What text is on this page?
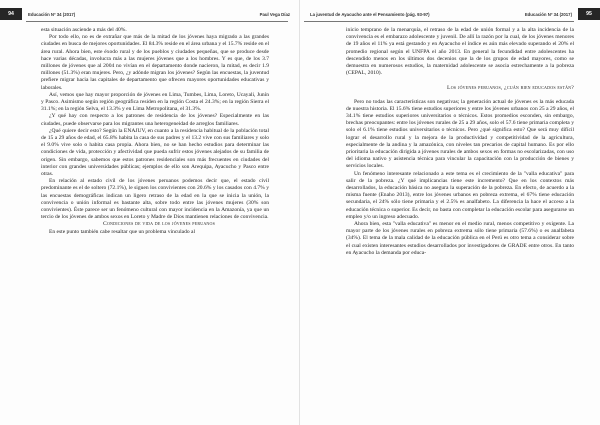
94	Educación Nº 34 (2017)	Paul Vega Díaz

esta situación asciende a más del 40%.

Por todo ello, no es de extrañar que más de la mitad de los jóvenes haya migrado a las grandes ciudades en busca de mejores oportunidades. El 84.3% reside en el área urbana y el 15.7% reside en el área rural. Ahora bien, este éxodo rural y de los pueblos y ciudades pequeñas, que se produce desde hace varias décadas, involucra más a las mujeres jóvenes que a los hombres. Y es que, de los 3.7 millones de jóvenes que al 2004 no vivían en el departamento donde nacieron, la mitad, es decir 1.9 millones (51.3%) eran mujeres. Pero, ¿y adónde migran los jóvenes? Según las encuestas, la juventud prefiere migrar hacia las capitales de departamento que ofrecen mayores oportunidades educativas y laborales.

Así, vemos que hay mayor proporción de jóvenes en Lima, Tumbes, Lima, Loreto, Ucayali, Junín y Pasco. Asimismo según región geográfica residen en la región Costa el 24.3%; en la región Sierra el 31.1%; en la región Selva, el 13.3% y en Lima Metropolitana, el 31.3%.

¿Y qué hay con respecto a los patrones de residencia de los jóvenes? Especialmente en las ciudades, puede observarse para los migrantes una heterogeneidad de arreglos familiares.

¿Qué quiere decir esto? Según la ENAJUV, en cuanto a la residencia habitual de la población total de 15 a 29 años de edad, el 65.8% habita la casa de sus padres y el 13.2 vive con sus familiares y solo el 9.0% vive solo o habita casa propia. Ahora bien, no se han hecho estudios para determinar las condiciones de vida, protección y afectividad que pueda sufrir estos jóvenes alejados de su familia de origen. Sin embargo, sabemos que estos patrones residenciales son más frecuentes en ciudades del interior con grandes universidades públicas; ejemplos de ello son Arequipa, Ayacucho y Pasco entre otras.

En relación al estado civil de los jóvenes peruanos podemos decir que, el estado civil predominante es el de soltero (72.1%), le siguen los convivientes con 20.6% y los casados con 4.7% y las encuestas demográficas indican un ligero retraso de la edad en la que se inicia la unión, la convivencia o unión informal es bastante alta, sobre todo entre las jóvenes mujeres (30% son convivientes). Éste parece ser un fenómeno cultural con mayor incidencia en la Amazonía, ya que un tercio de los jóvenes de ambos sexos en Loreto y Madre de Dios mantienen relaciones de convivencia.

Condiciones de vida de los jóvenes peruanos

En este punto también cabe resaltar que un problema vinculado al

La juventud de Ayacucho ante el Pensamiento (pág. 93-97)	Educación Nº 34 (2017)	95

inicio temprano de la menarquía, el retraso de la edad de unión formal y a la alta incidencia de la convivencia es el embarazo adolescente y juvenil. De allí la razón por la cual, de los jóvenes menores de 19 años el 11% ya está gestando y en Ayacucho el índice es aún más elevado superando el 20% el promedio regional según el UNFPA el año 2013. En general la fecundidad entre adolescentes ha descendido menos en los últimos dos decenios que la de los grupos de edad mayores, como se demuestra en numerosos estudios, la maternidad adolescente se asocia estrechamente a la pobreza (CEPAL, 2010).

Los jóvenes peruanos, ¿cuán bien educados están?

Pero no todas las características son negativas; la generación actual de jóvenes es la más educada de nuestra historia. El 15.6% tiene estudios superiores y entre los jóvenes urbanos con 25 a 29 años, el 34.1% tiene estudios superiores universitarios o técnicos. Estos promedios esconden, sin embargo, brechas preocupantes: entre los jóvenes rurales de 25 a 29 años, solo el 57.6 tiene primaria completa y solo el 6.1% tiene estudios universitarios o técnicos. Pero ¿qué significa esto? Que será muy difícil lograr el desarrollo rural y la mejora de la productividad y competitividad de la agricultura, especialmente de la andina y la amazónica, con niveles tan precarios de capital humano. Es por ello prioritaria la educación dirigida a jóvenes rurales de ambos sexos en formas no escolarizadas, con uso del idioma nativo y asistencia técnica para vincular la capacitación con la producción de bienes y servicios locales.

Un fenómeno interesante relacionado a este tema es el crecimiento de la "valla educativa" para salir de la pobreza. ¿Y qué implicancias tiene este incremento? Que en los contextos más desarrollados, la educación básica no asegura la superación de la pobreza. En efecto, de acuerdo a la misma fuente (Enaho 2013), entre los jóvenes urbanos en pobreza extrema, el 67% tiene educación secundaria, el 24% sólo tiene primaria y el 2.5% es analfabeto. La diferencia la hace el acceso a la educación técnica o superior. Es decir, no basta con completar la educación escolar para asegurarse un empleo y/o un ingreso adecuado.

Ahora bien, esta "valla educativa" es menor en el medio rural, menos competitivo y exigente. La mayor parte de los jóvenes rurales en pobreza extrema sólo tiene primaria (57.6%) o es analfabeta (34%). El tema de la mala calidad de la educación pública en el Perú es otro tema a considerar sobre el cual existen interesantes estudios desarrollados por investigadores de GRADE entre otros. En tanto en Ayacucho la demanda por educa-
